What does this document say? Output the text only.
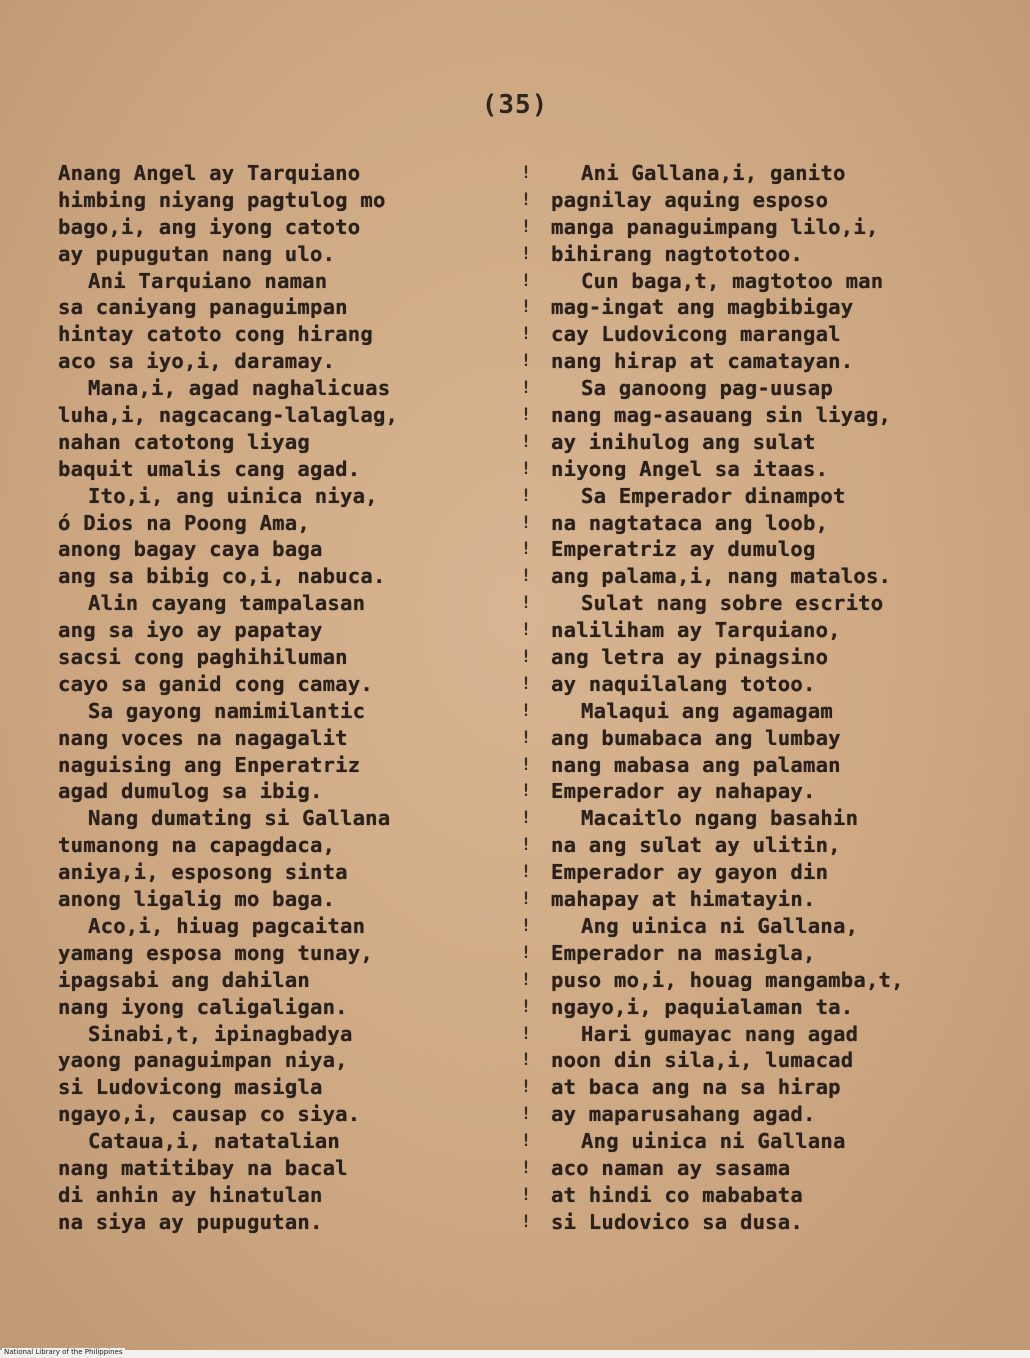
(35)
Anang Angel ay Tarquiano
himbing niyang pagtulog mo
bago,i, ang iyong catoto
ay pupugutan nang ulo.
Ani Tarquiano naman
sa caniyang panaguimpan
hintay catoto cong hirang
aco sa iyo,i, daramay.
Mana,i, agad naghalicuas
luha,i, nagcacang-lalaglag,
nahan catotong liyag
baquit umalis cang agad.
Ito,i, ang uinica niya,
ó Dios na Poong Ama,
anong bagay caya baga
ang sa bibig co,i, nabuca.
Alin cayang tampalasan
ang sa iyo ay papatay
sacsi cong paghihiluman
cayo sa ganid cong camay.
Sa gayong namimilantic
nang voces na nagagalit
naguising ang Enperatriz
agad dumulog sa ibig.
Nang dumating si Gallana
tumanong na capagdaca,
aniya,i, esposong sinta
anong ligalig mo baga.
Aco,i, hiuag pagcaitan
yamang esposa mong tunay,
ipagsabi ang dahilan
nang iyong caligaligan.
Sinabi,t, ipinagbadya
yaong panaguimpan niya,
si Ludovicong masigla
ngayo,i, causap co siya.
Cataua,i, natatalian
nang matitibay na bacal
di anhin ay hinatulan
na siya ay pupugutan.
!
!
!
!
!
!
!
!
!
!
!
!
!
!
!
!
!
!
!
!
!
!
!
!
!
!
!
!
!
!
!
!
!
!
!
!
!
!
!
!
Ani Gallana,i, ganito
pagnilay aquing esposo
manga panaguimpang lilo,i,
bihirang nagtototoo.
Cun baga,t, magtotoo man
mag-ingat ang magbibigay
cay Ludovicong marangal
nang hirap at camatayan.
Sa ganoong pag-uusap
nang mag-asauang sin liyag,
ay inihulog ang sulat
niyong Angel sa itaas.
Sa Emperador dinampot
na nagtataca ang loob,
Emperatriz ay dumulog
ang palama,i, nang matalos.
Sulat nang sobre escrito
naliliham ay Tarquiano,
ang letra ay pinagsino
ay naquilalang totoo.
Malaqui ang agamagam
ang bumabaca ang lumbay
nang mabasa ang palaman
Emperador ay nahapay.
Macaitlo ngang basahin
na ang sulat ay ulitin,
Emperador ay gayon din
mahapay at himatayin.
Ang uinica ni Gallana,
Emperador na masigla,
puso mo,i, houag mangamba,t,
ngayo,i, paquialaman ta.
Hari gumayac nang agad
noon din sila,i, lumacad
at baca ang na sa hirap
ay maparusahang agad.
Ang uinica ni Gallana
aco naman ay sasama
at hindi co mababata
si Ludovico sa dusa.
National Library of the Philippines
